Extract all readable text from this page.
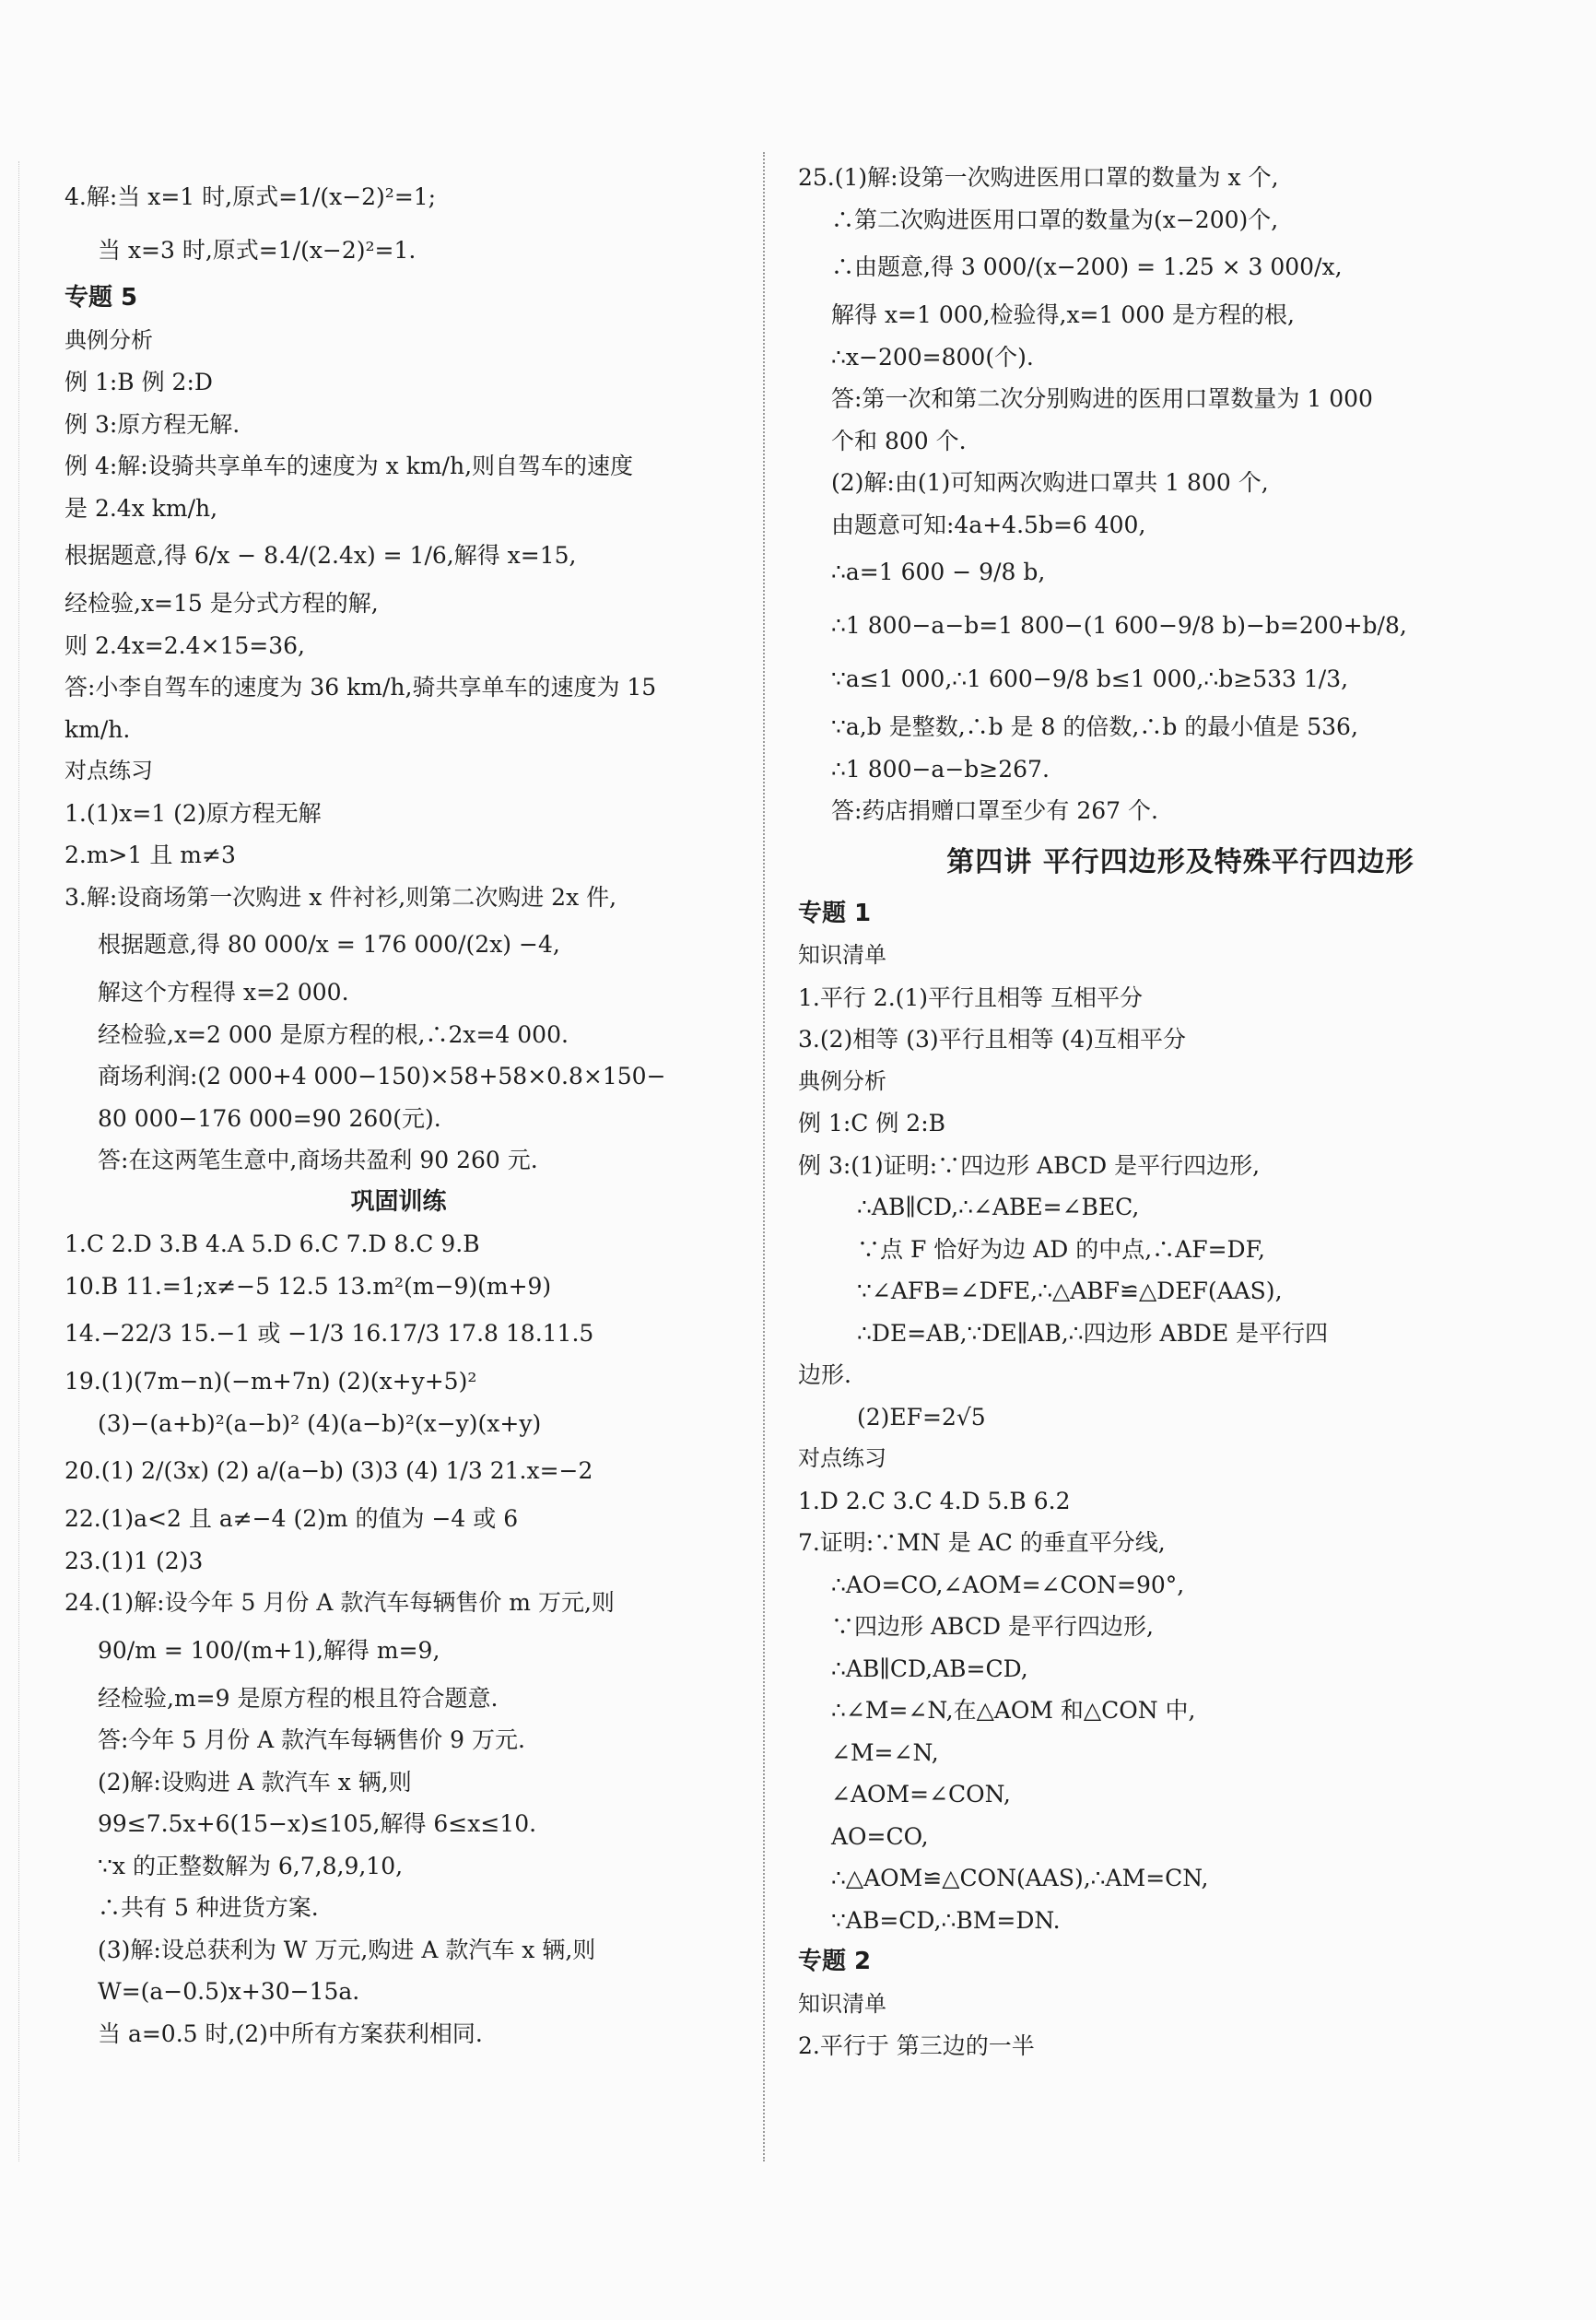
4.解:当 x=1 时,原式=1/(x−2)²=1;
当 x=3 时,原式=1/(x−2)²=1.
专题 5
典例分析
例 1:B 例 2:D
例 3:原方程无解.
例 4:解:设骑共享单车的速度为 x km/h,则自驾车的速度
是 2.4x km/h,
根据题意,得 6/x − 8.4/(2.4x) = 1/6,解得 x=15,
经检验,x=15 是分式方程的解,
则 2.4x=2.4×15=36,
答:小李自驾车的速度为 36 km/h,骑共享单车的速度为 15
km/h.
对点练习
1.(1)x=1 (2)原方程无解
2.m>1 且 m≠3
3.解:设商场第一次购进 x 件衬衫,则第二次购进 2x 件,
根据题意,得 80 000/x = 176 000/(2x) −4,
解这个方程得 x=2 000.
经检验,x=2 000 是原方程的根,∴2x=4 000.
商场利润:(2 000+4 000−150)×58+58×0.8×150−
80 000−176 000=90 260(元).
答:在这两笔生意中,商场共盈利 90 260 元.
巩固训练
1.C 2.D 3.B 4.A 5.D 6.C 7.D 8.C 9.B
10.B 11.=1;x≠−5 12.5 13.m²(m−9)(m+9)
14.−22/3 15.−1 或 −1/3 16.17/3 17.8 18.11.5
19.(1)(7m−n)(−m+7n) (2)(x+y+5)²
(3)−(a+b)²(a−b)² (4)(a−b)²(x−y)(x+y)
20.(1) 2/(3x) (2) a/(a−b) (3)3 (4) 1/3 21.x=−2
22.(1)a<2 且 a≠−4 (2)m 的值为 −4 或 6
23.(1)1 (2)3
24.(1)解:设今年 5 月份 A 款汽车每辆售价 m 万元,则
90/m = 100/(m+1),解得 m=9,
经检验,m=9 是原方程的根且符合题意.
答:今年 5 月份 A 款汽车每辆售价 9 万元.
(2)解:设购进 A 款汽车 x 辆,则
99≤7.5x+6(15−x)≤105,解得 6≤x≤10.
∵x 的正整数解为 6,7,8,9,10,
∴共有 5 种进货方案.
(3)解:设总获利为 W 万元,购进 A 款汽车 x 辆,则
W=(a−0.5)x+30−15a.
当 a=0.5 时,(2)中所有方案获利相同.
25.(1)解:设第一次购进医用口罩的数量为 x 个,
∴第二次购进医用口罩的数量为(x−200)个,
∴由题意,得 3 000/(x−200) = 1.25 × 3 000/x,
解得 x=1 000,检验得,x=1 000 是方程的根,
∴x−200=800(个).
答:第一次和第二次分别购进的医用口罩数量为 1 000
个和 800 个.
(2)解:由(1)可知两次购进口罩共 1 800 个,
由题意可知:4a+4.5b=6 400,
∴a=1 600 − 9/8 b,
∴1 800−a−b=1 800−(1 600−9/8 b)−b=200+b/8,
∵a≤1 000,∴1 600−9/8 b≤1 000,∴b≥533 1/3,
∵a,b 是整数,∴b 是 8 的倍数,∴b 的最小值是 536,
∴1 800−a−b≥267.
答:药店捐赠口罩至少有 267 个.
第四讲 平行四边形及特殊平行四边形
专题 1
知识清单
1.平行 2.(1)平行且相等 互相平分
3.(2)相等 (3)平行且相等 (4)互相平分
典例分析
例 1:C 例 2:B
例 3:(1)证明:∵四边形 ABCD 是平行四边形,
∴AB∥CD,∴∠ABE=∠BEC,
∵点 F 恰好为边 AD 的中点,∴AF=DF,
∵∠AFB=∠DFE,∴△ABF≌△DEF(AAS),
∴DE=AB,∵DE∥AB,∴四边形 ABDE 是平行四
边形.
(2)EF=2√5
对点练习
1.D 2.C 3.C 4.D 5.B 6.2
7.证明:∵MN 是 AC 的垂直平分线,
∴AO=CO,∠AOM=∠CON=90°,
∵四边形 ABCD 是平行四边形,
∴AB∥CD,AB=CD,
∴∠M=∠N,在△AOM 和△CON 中,
∠M=∠N,
∠AOM=∠CON,
AO=CO,
∴△AOM≌△CON(AAS),∴AM=CN,
∵AB=CD,∴BM=DN.
专题 2
知识清单
2.平行于 第三边的一半
